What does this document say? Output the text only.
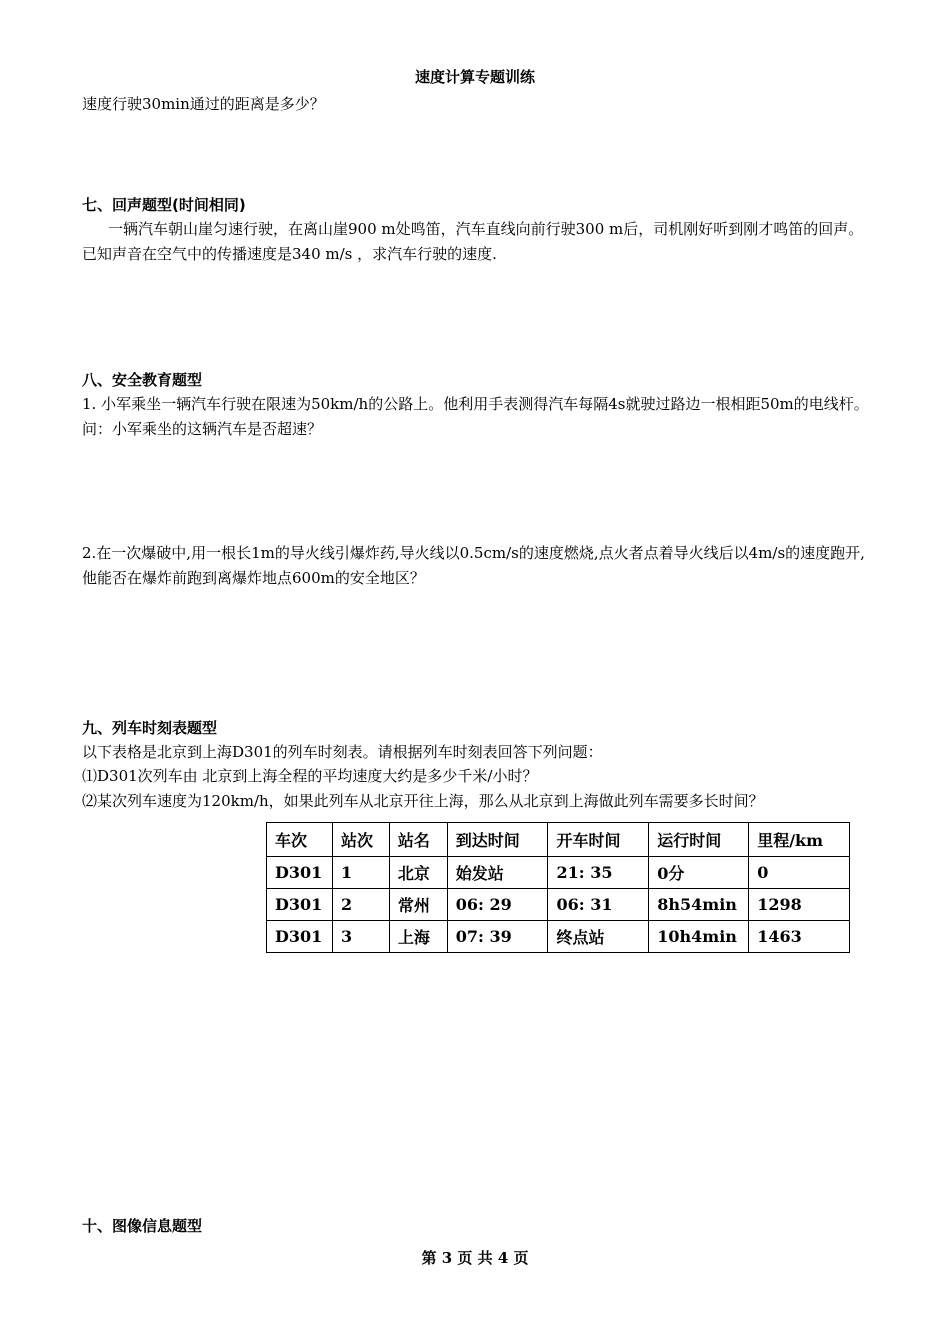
速度计算专题训练
速度行驶30min通过的距离是多少？
七、回声题型(时间相同)
一辆汽车朝山崖匀速行驶，在离山崖900 m处鸣笛，汽车直线向前行驶300 m后，司机刚好听到刚才鸣笛的回声。已知声音在空气中的传播速度是340 m/s ，求汽车行驶的速度.
八、安全教育题型
1. 小军乘坐一辆汽车行驶在限速为50km/h的公路上。他利用手表测得汽车每隔4s就驶过路边一根相距50m的电线杆。问：小军乘坐的这辆汽车是否超速？
2.在一次爆破中,用一根长1m的导火线引爆炸药,导火线以0.5cm/s的速度燃烧,点火者点着导火线后以4m/s的速度跑开,他能否在爆炸前跑到离爆炸地点600m的安全地区？
九、列车时刻表题型
以下表格是北京到上海D301的列车时刻表。请根据列车时刻表回答下列问题：
⑴D301次列车由 北京到上海全程的平均速度大约是多少千米/小时？
⑵某次列车速度为120km/h，如果此列车从北京开往上海，那么从北京到上海做此列车需要多长时间？
车次	站次	站名	到达时间	开车时间	运行时间	里程/km
D301	1	北京	始发站	21: 35	0分	0
D301	2	常州	06: 29	06: 31	8h54min	1298
D301	3	上海	07: 39	终点站	10h4min	1463
十、图像信息题型
第 3 页 共 4 页
